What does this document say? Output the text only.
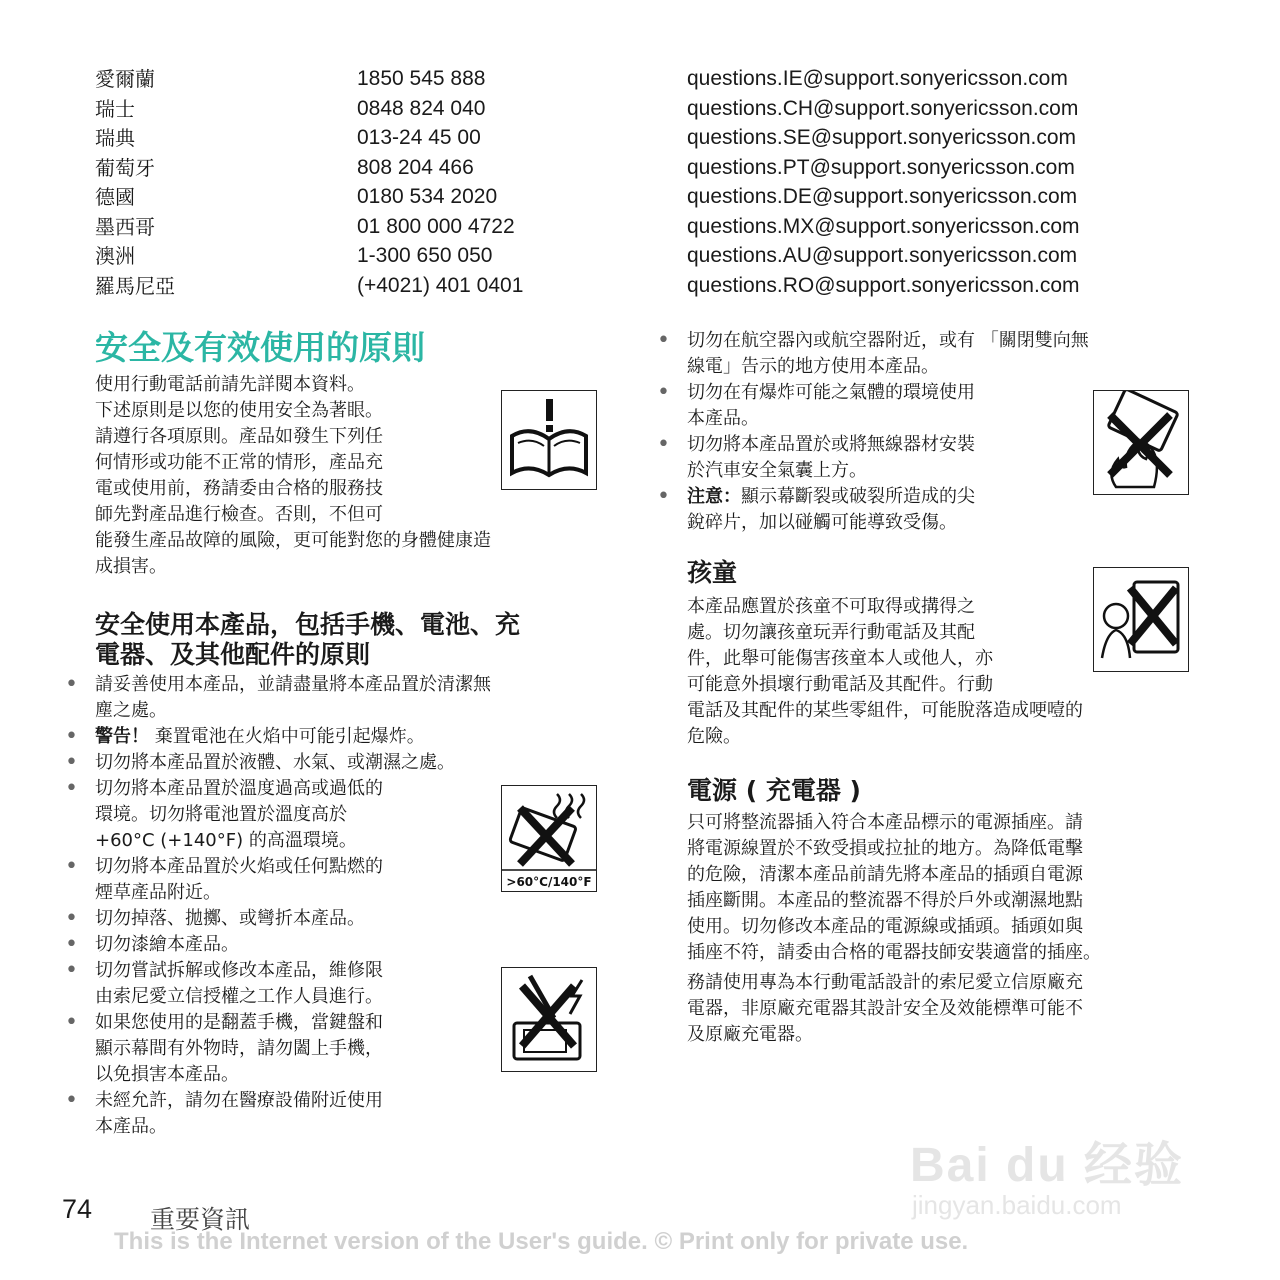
愛爾蘭	1850 545 888	questions.IE@support.sonyericsson.com
瑞士	0848 824 040	questions.CH@support.sonyericsson.com
瑞典	013-24 45 00	questions.SE@support.sonyericsson.com
葡萄牙	808 204 466	questions.PT@support.sonyericsson.com
德國	0180 534 2020	questions.DE@support.sonyericsson.com
墨西哥	01 800 000 4722	questions.MX@support.sonyericsson.com
澳洲	1-300 650 050	questions.AU@support.sonyericsson.com
羅馬尼亞	(+4021) 401 0401	questions.RO@support.sonyericsson.com
安全及有效使用的原則
使用行動電話前請先詳閱本資料。
下述原則是以您的使用安全為著眼。
請遵行各項原則。產品如發生下列任
何情形或功能不正常的情形，產品充
電或使用前，務請委由合格的服務技
師先對產品進行檢查。否則，不但可
能發生產品故障的風險，更可能對您的身體健康造
成損害。
安全使用本產品，包括手機、電池、充
電器、及其他配件的原則
• 請妥善使用本產品，並請盡量將本產品置於清潔無
塵之處。
• 警告！ 棄置電池在火焰中可能引起爆炸。
• 切勿將本產品置於液體、水氣、或潮濕之處。
• 切勿將本產品置於溫度過高或過低的
環境。切勿將電池置於溫度高於
+60°C (+140°F) 的高溫環境。
• 切勿將本產品置於火焰或任何點燃的
煙草產品附近。
• 切勿掉落、拋擲、或彎折本產品。
• 切勿漆繪本產品。
• 切勿嘗試拆解或修改本產品，維修限
由索尼愛立信授權之工作人員進行。
• 如果您使用的是翻蓋手機，當鍵盤和
顯示幕間有外物時，請勿闔上手機，
以免損害本產品。
• 未經允許，請勿在醫療設備附近使用
本產品。
>60°C/140°F
• 切勿在航空器內或航空器附近，或有 「關閉雙向無
線電」告示的地方使用本產品。
• 切勿在有爆炸可能之氣體的環境使用
本產品。
• 切勿將本產品置於或將無線器材安裝
於汽車安全氣囊上方。
• 注意：顯示幕斷裂或破裂所造成的尖
銳碎片，加以碰觸可能導致受傷。
孩童
本產品應置於孩童不可取得或搆得之
處。切勿讓孩童玩弄行動電話及其配
件，此舉可能傷害孩童本人或他人，亦
可能意外損壞行動電話及其配件。行動
電話及其配件的某些零組件，可能脫落造成哽噎的
危險。
電源 ( 充電器 )
只可將整流器插入符合本產品標示的電源插座。請
將電源線置於不致受損或拉扯的地方。為降低電擊
的危險，清潔本產品前請先將本產品的插頭自電源
插座斷開。本產品的整流器不得於戶外或潮濕地點
使用。切勿修改本產品的電源線或插頭。插頭如與
插座不符，請委由合格的電器技師安裝適當的插座。
務請使用專為本行動電話設計的索尼愛立信原廠充
電器，非原廠充電器其設計安全及效能標準可能不
及原廠充電器。
74 重要資訊
This is the Internet version of the User's guide. © Print only for private use.
Bai du 经验
jingyan.baidu.com
